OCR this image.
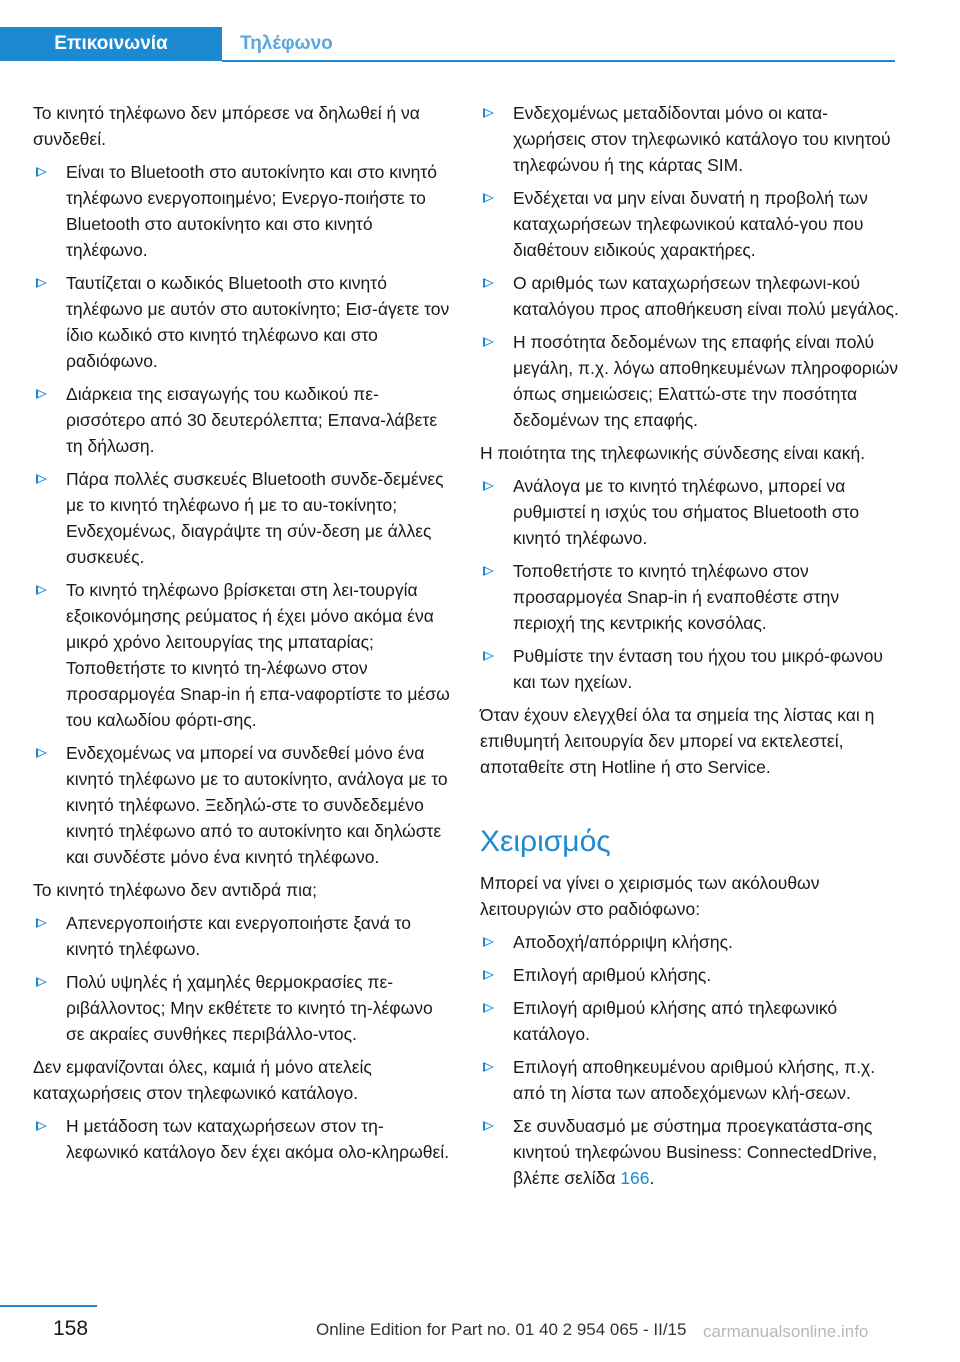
Επικοινωνία	Τηλέφωνο
Το κινητό τηλέφωνο δεν μπόρεσε να δηλωθεί ή να συνδεθεί.
Είναι το Bluetooth στο αυτοκίνητο και στο κινητό τηλέφωνο ενεργοποιημένο; Ενεργο‐ποιήστε το Bluetooth στο αυτοκίνητο και στο κινητό τηλέφωνο.
Ταυτίζεται ο κωδικός Bluetooth στο κινητό τηλέφωνο με αυτόν στο αυτοκίνητο; Εισ‐άγετε τον ίδιο κωδικό στο κινητό τηλέφωνο και στο ραδιόφωνο.
Διάρκεια της εισαγωγής του κωδικού πε‐ρισσότερο από 30 δευτερόλεπτα; Επανα‐λάβετε τη δήλωση.
Πάρα πολλές συσκευές Bluetooth συνδε‐δεμένες με το κινητό τηλέφωνο ή με το αυ‐τοκίνητο; Ενδεχομένως, διαγράψτε τη σύν‐δεση με άλλες συσκευές.
Το κινητό τηλέφωνο βρίσκεται στη λει‐τουργία εξοικονόμησης ρεύματος ή έχει μόνο ακόμα ένα μικρό χρόνο λειτουργίας της μπαταρίας; Τοποθετήστε το κινητό τη‐λέφωνο στον προσαρμογέα Snap-in ή επα‐ναφορτίστε το μέσω του καλωδίου φόρτι‐σης.
Ενδεχομένως να μπορεί να συνδεθεί μόνο ένα κινητό τηλέφωνο με το αυτοκίνητο, ανάλογα με το κινητό τηλέφωνο. Ξεδηλώ‐στε το συνδεδεμένο κινητό τηλέφωνο από το αυτοκίνητο και δηλώστε και συνδέστε μόνο ένα κινητό τηλέφωνο.
Το κινητό τηλέφωνο δεν αντιδρά πια;
Απενεργοποιήστε και ενεργοποιήστε ξανά το κινητό τηλέφωνο.
Πολύ υψηλές ή χαμηλές θερμοκρασίες πε‐ριβάλλοντος; Μην εκθέτετε το κινητό τη‐λέφωνο σε ακραίες συνθήκες περιβάλλο‐ντος.
Δεν εμφανίζονται όλες, καμιά ή μόνο ατελείς καταχωρήσεις στον τηλεφωνικό κατάλογο.
Η μετάδοση των καταχωρήσεων στον τη‐λεφωνικό κατάλογο δεν έχει ακόμα ολο‐κληρωθεί.
Ενδεχομένως μεταδίδονται μόνο οι κατα‐χωρήσεις στον τηλεφωνικό κατάλογο του κινητού τηλεφώνου ή της κάρτας SIM.
Ενδέχεται να μην είναι δυνατή η προβολή των καταχωρήσεων τηλεφωνικού καταλό‐γου που διαθέτουν ειδικούς χαρακτήρες.
Ο αριθμός των καταχωρήσεων τηλεφωνι‐κού καταλόγου προς αποθήκευση είναι πολύ μεγάλος.
Η ποσότητα δεδομένων της επαφής είναι πολύ μεγάλη, π.χ. λόγω αποθηκευμένων πληροφοριών όπως σημειώσεις; Ελαττώ‐στε την ποσότητα δεδομένων της επαφής.
Η ποιότητα της τηλεφωνικής σύνδεσης είναι κακή.
Ανάλογα με το κινητό τηλέφωνο, μπορεί να ρυθμιστεί η ισχύς του σήματος Bluetooth στο κινητό τηλέφωνο.
Τοποθετήστε το κινητό τηλέφωνο στον προσαρμογέα Snap-in ή εναποθέστε στην περιοχή της κεντρικής κονσόλας.
Ρυθμίστε την ένταση του ήχου του μικρό‐φωνου και των ηχείων.
Όταν έχουν ελεγχθεί όλα τα σημεία της λίστας και η επιθυμητή λειτουργία δεν μπορεί να εκτελεστεί, αποταθείτε στη Hotline ή στο Service.
Χειρισμός
Μπορεί να γίνει ο χειρισμός των ακόλουθων λειτουργιών στο ραδιόφωνο:
Αποδοχή/απόρριψη κλήσης.
Επιλογή αριθμού κλήσης.
Επιλογή αριθμού κλήσης από τηλεφωνικό κατάλογο.
Επιλογή αποθηκευμένου αριθμού κλήσης, π.χ. από τη λίστα των αποδεχόμενων κλή‐σεων.
Σε συνδυασμό με σύστημα προεγκατάστα‐σης κινητού τηλεφώνου Business: ConnectedDrive, βλέπε σελίδα 166.
158	Online Edition for Part no. 01 40 2 954 065 - II/15 carmanualsonline.info
